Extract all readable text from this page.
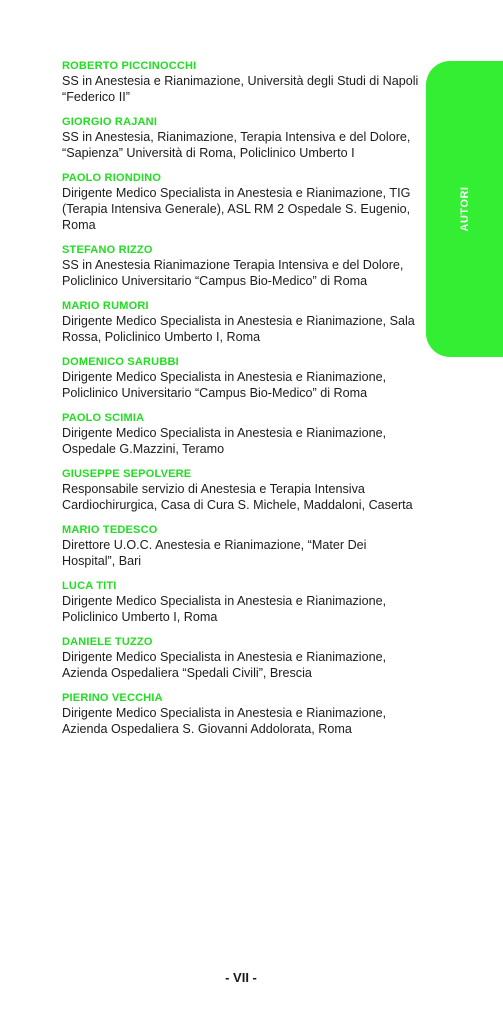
ROBERTO PICCINOCCHI
SS in Anestesia e Rianimazione, Università degli Studi di Napoli “Federico II”
GIORGIO RAJANI
SS in Anestesia, Rianimazione, Terapia Intensiva e del Dolore, “Sapienza” Università di Roma, Policlinico Umberto I
PAOLO RIONDINO
Dirigente Medico Specialista in Anestesia e Rianimazione, TIG (Terapia Intensiva Generale), ASL RM 2 Ospedale S. Eugenio, Roma
STEFANO RIZZO
SS in Anestesia Rianimazione Terapia Intensiva e del Dolore, Policlinico Universitario “Campus Bio-Medico” di Roma
MARIO RUMORI
Dirigente Medico Specialista in Anestesia e Rianimazione, Sala Rossa, Policlinico Umberto I, Roma
DOMENICO SARUBBI
Dirigente Medico Specialista in Anestesia e Rianimazione, Policlinico Universitario “Campus Bio-Medico” di Roma
PAOLO SCIMIA
Dirigente Medico Specialista in Anestesia e Rianimazione, Ospedale G.Mazzini, Teramo
GIUSEPPE SEPOLVERE
Responsabile servizio di Anestesia e Terapia Intensiva Cardiochirurgica, Casa di Cura S. Michele, Maddaloni, Caserta
MARIO TEDESCO
Direttore U.O.C. Anestesia e Rianimazione, “Mater Dei Hospital”, Bari
LUCA TITI
Dirigente Medico Specialista in Anestesia e Rianimazione, Policlinico Umberto I, Roma
DANIELE TUZZO
Dirigente Medico Specialista in Anestesia e Rianimazione, Azienda Ospedaliera “Spedali Civili”, Brescia
PIERINO VECCHIA
Dirigente Medico Specialista in Anestesia e Rianimazione, Azienda Ospedaliera S. Giovanni Addolorata, Roma
AUTORI
- VII -
